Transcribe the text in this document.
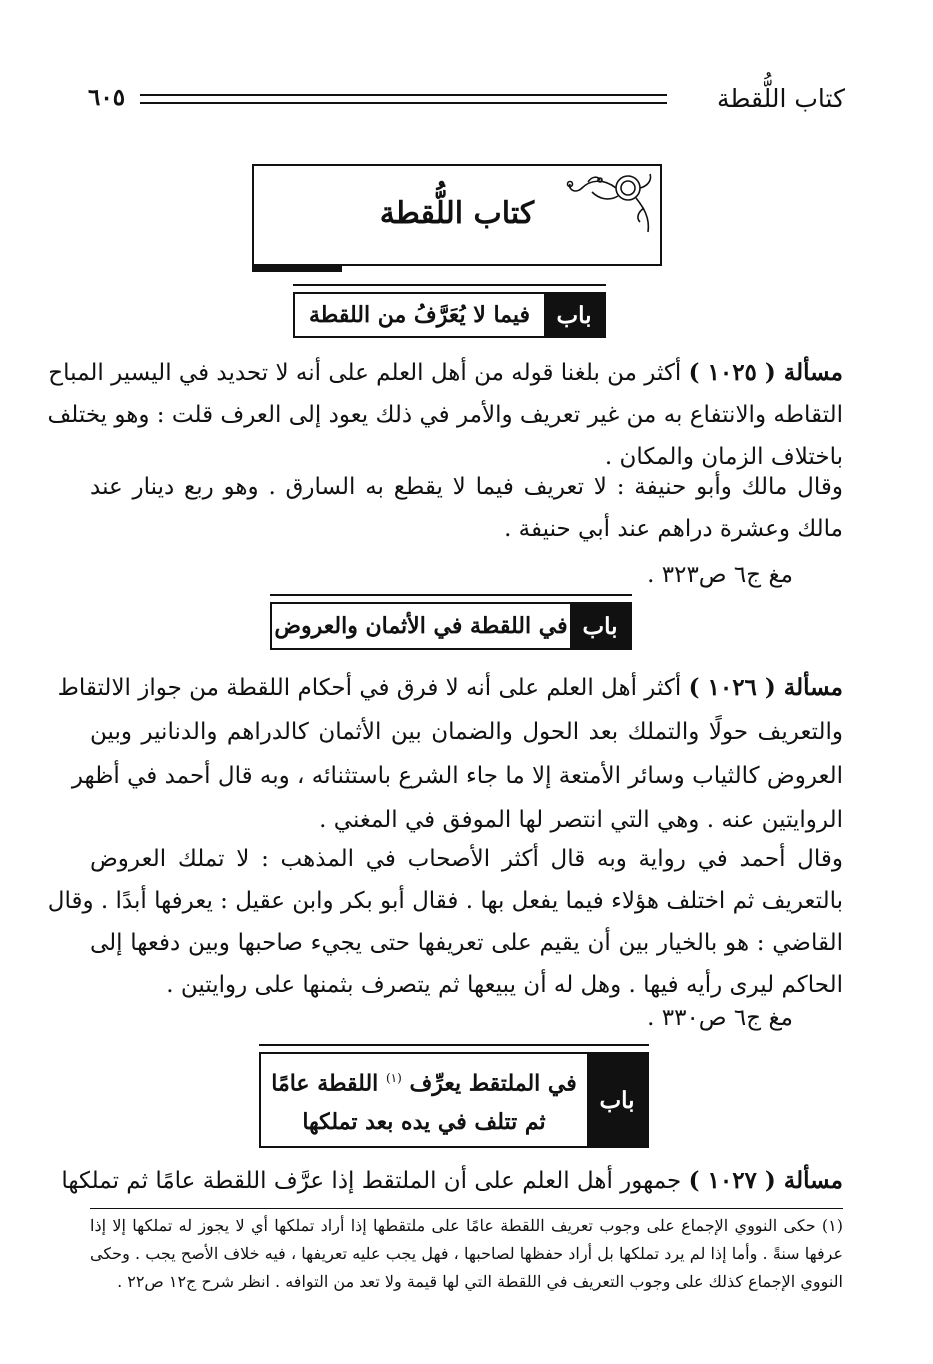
كتاب اللُّقطة
٦٠٥
كتاب اللُّقطة
باب
فيما لا يُعَرَّفُ من اللقطة
مسألة ( ١٠٢٥ ) أكثر من بلغنا قوله من أهل العلم على أنه لا تحديد في اليسير المباح
التقاطه والانتفاع به من غير تعريف والأمر في ذلك يعود إلى العرف قلت : وهو يختلف
باختلاف الزمان والمكان .
وقال مالك وأبو حنيفة : لا تعريف فيما لا يقطع به السارق . وهو ربع دينار عند
مالك وعشرة دراهم عند أبي حنيفة .
مغ ج٦ ص٣٢٣ .
باب
في اللقطة في الأثمان والعروض
مسألة ( ١٠٢٦ ) أكثر أهل العلم على أنه لا فرق في أحكام اللقطة من جواز الالتقاط
والتعريف حولًا والتملك بعد الحول والضمان بين الأثمان كالدراهم والدنانير وبين
العروض كالثياب وسائر الأمتعة إلا ما جاء الشرع باستثنائه ، وبه قال أحمد في أظهر
الروايتين عنه . وهي التي انتصر لها الموفق في المغني .
وقال أحمد في رواية وبه قال أكثر الأصحاب في المذهب : لا تملك العروض
بالتعريف ثم اختلف هؤلاء فيما يفعل بها . فقال أبو بكر وابن عقيل : يعرفها أبدًا . وقال
القاضي : هو بالخيار بين أن يقيم على تعريفها حتى يجيء صاحبها وبين دفعها إلى
الحاكم ليرى رأيه فيها . وهل له أن يبيعها ثم يتصرف بثمنها على روايتين .
مغ ج٦ ص٣٣٠ .
باب
في الملتقط يعرِّف $^{(١)}$ اللقطة عامًا
ثم تتلف في يده بعد تملكها
مسألة ( ١٠٢٧ ) جمهور أهل العلم على أن الملتقط إذا عرَّف اللقطة عامًا ثم تملكها
(١) حكى النووي الإجماع على وجوب تعريف اللقطة عامًا على ملتقطها إذا أراد تملكها أي لا يجوز له تملكها إلا إذا
عرفها سنةً . وأما إذا لم يرد تملكها بل أراد حفظها لصاحبها ، فهل يجب عليه تعريفها ، فيه خلاف الأصح يجب . وحكى
النووي الإجماع كذلك على وجوب التعريف في اللقطة التي لها قيمة ولا تعد من التوافه . انظر شرح ج١٢ ص٢٢ .
